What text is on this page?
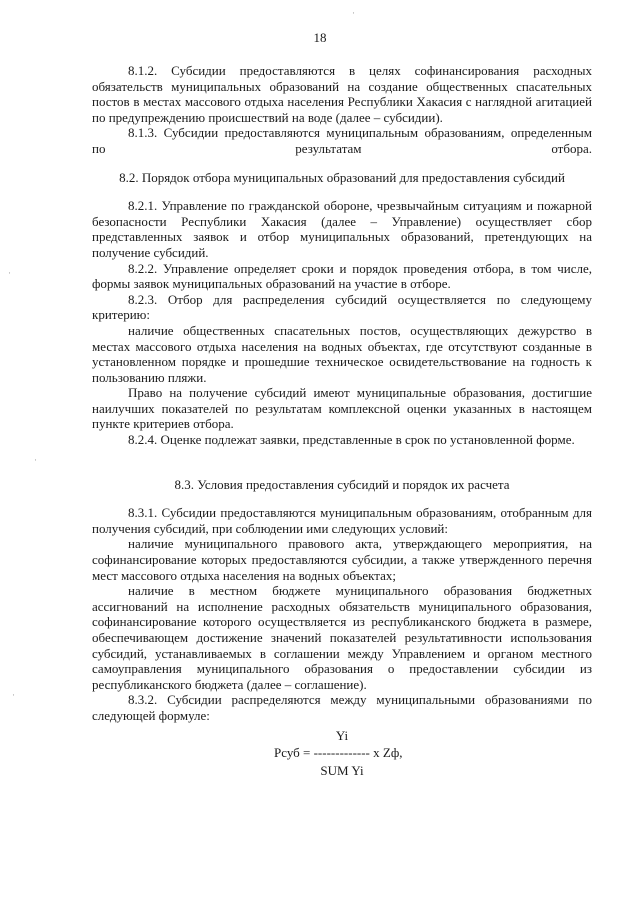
18

8.1.2. Субсидии предоставляются в целях софинансирования расходных обязательств муниципальных образований на создание общественных спасательных постов в местах массового отдыха населения Республики Хакасия с наглядной агитацией по предупреждению происшествий на воде (далее – субсидии).

8.1.3. Субсидии предоставляются муниципальным образованиям, определенным по результатам отбора.

8.2. Порядок отбора муниципальных образований для предоставления субсидий

8.2.1. Управление по гражданской обороне, чрезвычайным ситуациям и пожарной безопасности Республики Хакасия (далее – Управление) осуществляет сбор представленных заявок и отбор муниципальных образований, претендующих на получение субсидий.

8.2.2. Управление определяет сроки и порядок проведения отбора, в том числе, формы заявок муниципальных образований на участие в отборе.

8.2.3. Отбор для распределения субсидий осуществляется по следующему критерию:

наличие общественных спасательных постов, осуществляющих дежурство в местах массового отдыха населения на водных объектах, где отсутствуют созданные в установленном порядке и прошедшие техническое освидетельствование на годность к пользованию пляжи.

Право на получение субсидий имеют муниципальные образования, достигшие наилучших показателей по результатам комплексной оценки указанных в настоящем пункте критериев отбора.

8.2.4. Оценке подлежат заявки, представленные в срок по установленной форме.

8.3. Условия предоставления субсидий и порядок их расчета

8.3.1. Субсидии предоставляются муниципальным образованиям, отобранным для получения субсидий, при соблюдении ими следующих условий:

наличие муниципального правового акта, утверждающего мероприятия, на софинансирование которых предоставляются субсидии, а также утвержденного перечня мест массового отдыха населения на водных объектах;

наличие в местном бюджете муниципального образования бюджетных ассигнований на исполнение расходных обязательств муниципального образования, софинансирование которого осуществляется из республиканского бюджета в размере, обеспечивающем достижение значений показателей результативности использования субсидий, устанавливаемых в соглашении между Управлением и органом местного самоуправления муниципального образования о предоставлении субсидии из республиканского бюджета (далее – соглашение).

8.3.2. Субсидии распределяются между муниципальными образованиями по следующей формуле:

Yi
Рсуб = ------------- x Zф,
SUM Yi
·
·
·
·
